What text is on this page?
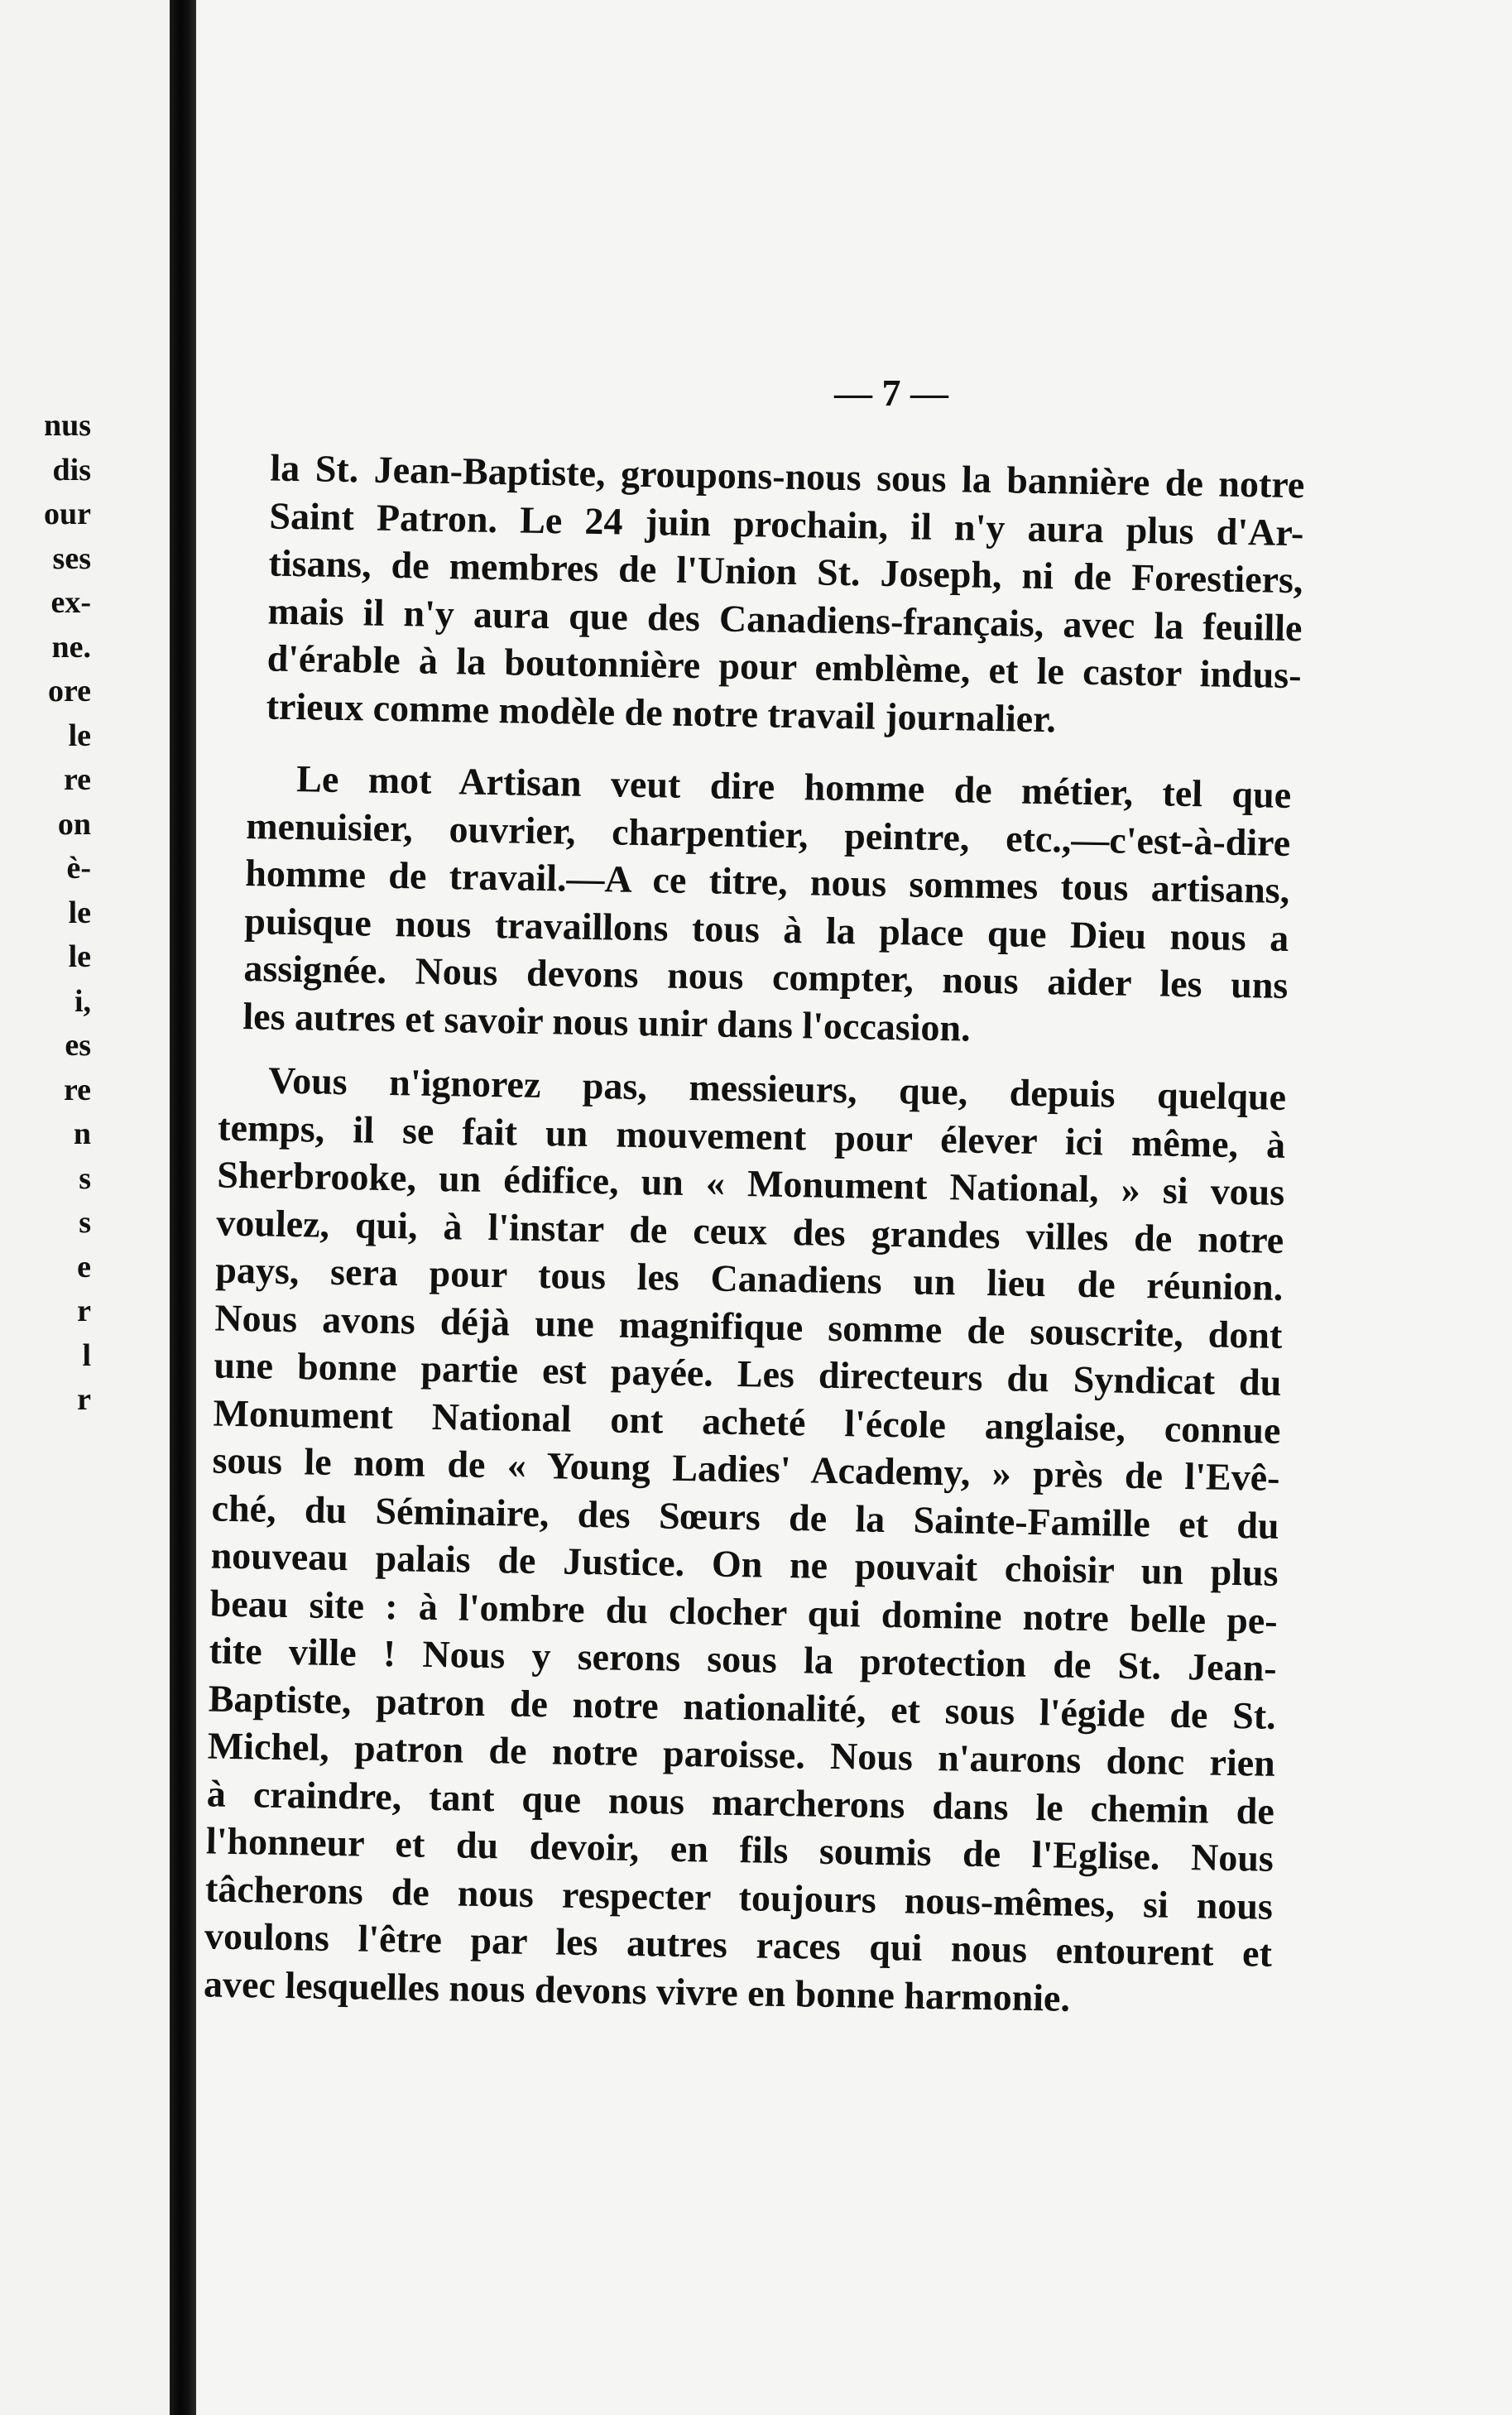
nus
dis
our
ses
ex-
ne.
ore
le
re
on
è-
le
le
i,
es
re
n
s
s
e
r
l
r
— 7 —
la St. Jean-Baptiste, groupons-nous sous la bannière de notre
Saint Patron. Le 24 juin prochain, il n'y aura plus d'Ar-
tisans, de membres de l'Union St. Joseph, ni de Forestiers,
mais il n'y aura que des Canadiens-français, avec la feuille
d'érable à la boutonnière pour emblème, et le castor indus-
trieux comme modèle de notre travail journalier.
Le mot Artisan veut dire homme de métier, tel que
menuisier, ouvrier, charpentier, peintre, etc.,—c'est-à-dire
homme de travail.—A ce titre, nous sommes tous artisans,
puisque nous travaillons tous à la place que Dieu nous a
assignée. Nous devons nous compter, nous aider les uns
les autres et savoir nous unir dans l'occasion.
Vous n'ignorez pas, messieurs, que, depuis quelque
temps, il se fait un mouvement pour élever ici même, à
Sherbrooke, un édifice, un « Monument National, » si vous
voulez, qui, à l'instar de ceux des grandes villes de notre
pays, sera pour tous les Canadiens un lieu de réunion.
Nous avons déjà une magnifique somme de souscrite, dont
une bonne partie est payée. Les directeurs du Syndicat du
Monument National ont acheté l'école anglaise, connue
sous le nom de « Young Ladies' Academy, » près de l'Evê-
ché, du Séminaire, des Sœurs de la Sainte-Famille et du
nouveau palais de Justice. On ne pouvait choisir un plus
beau site : à l'ombre du clocher qui domine notre belle pe-
tite ville ! Nous y serons sous la protection de St. Jean-
Baptiste, patron de notre nationalité, et sous l'égide de St.
Michel, patron de notre paroisse. Nous n'aurons donc rien
à craindre, tant que nous marcherons dans le chemin de
l'honneur et du devoir, en fils soumis de l'Eglise. Nous
tâcherons de nous respecter toujours nous-mêmes, si nous
voulons l'être par les autres races qui nous entourent et
avec lesquelles nous devons vivre en bonne harmonie.
